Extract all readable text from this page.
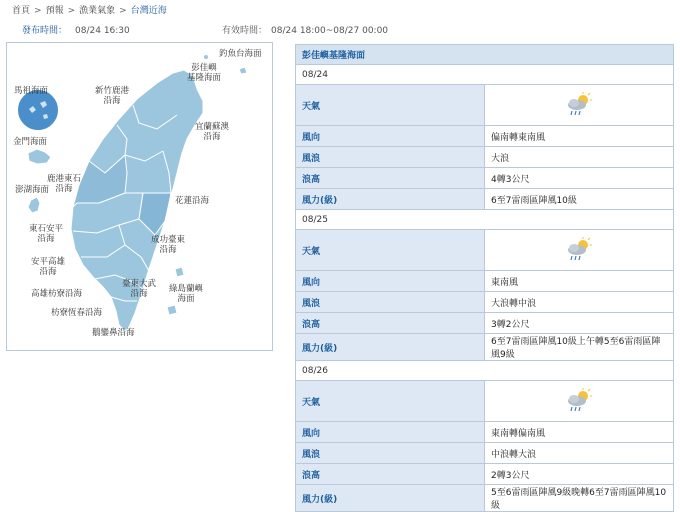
首頁 > 預報 > 漁業氣象 > 台灣近海
發布時間： 08/24 16:30	有效時間： 08/24 18:00~08/27 00:00
釣魚台海面
彭佳嶼
基隆海面
馬祖海面	新竹鹿港
沿海
宜蘭蘇澳
沿海
金門海面
鹿港東石
沿海
澎湖海面
花蓮沿海
東石安平
沿海	成功臺東
沿海
安平高雄
沿海
臺東大武
沿海
高雄枋寮沿海	綠島蘭嶼
海面
枋寮恆春沿海
鵝鑾鼻沿海
彭佳嶼基隆海面	
08/24	
天氣	
風向	偏南轉東南風
風浪	大浪
浪高	4轉3公尺
風力(級)	6至7雷雨區陣風10級
08/25	
天氣	
風向	東南風
風浪	大浪轉中浪
浪高	3轉2公尺
風力(級)	6至7雷雨區陣風10級上午轉5至6雷雨區陣風9級
08/26	
天氣	
風向	東南轉偏南風
風浪	中浪轉大浪
浪高	2轉3公尺
風力(級)	5至6雷雨區陣風9級晚轉6至7雷雨區陣風10級
